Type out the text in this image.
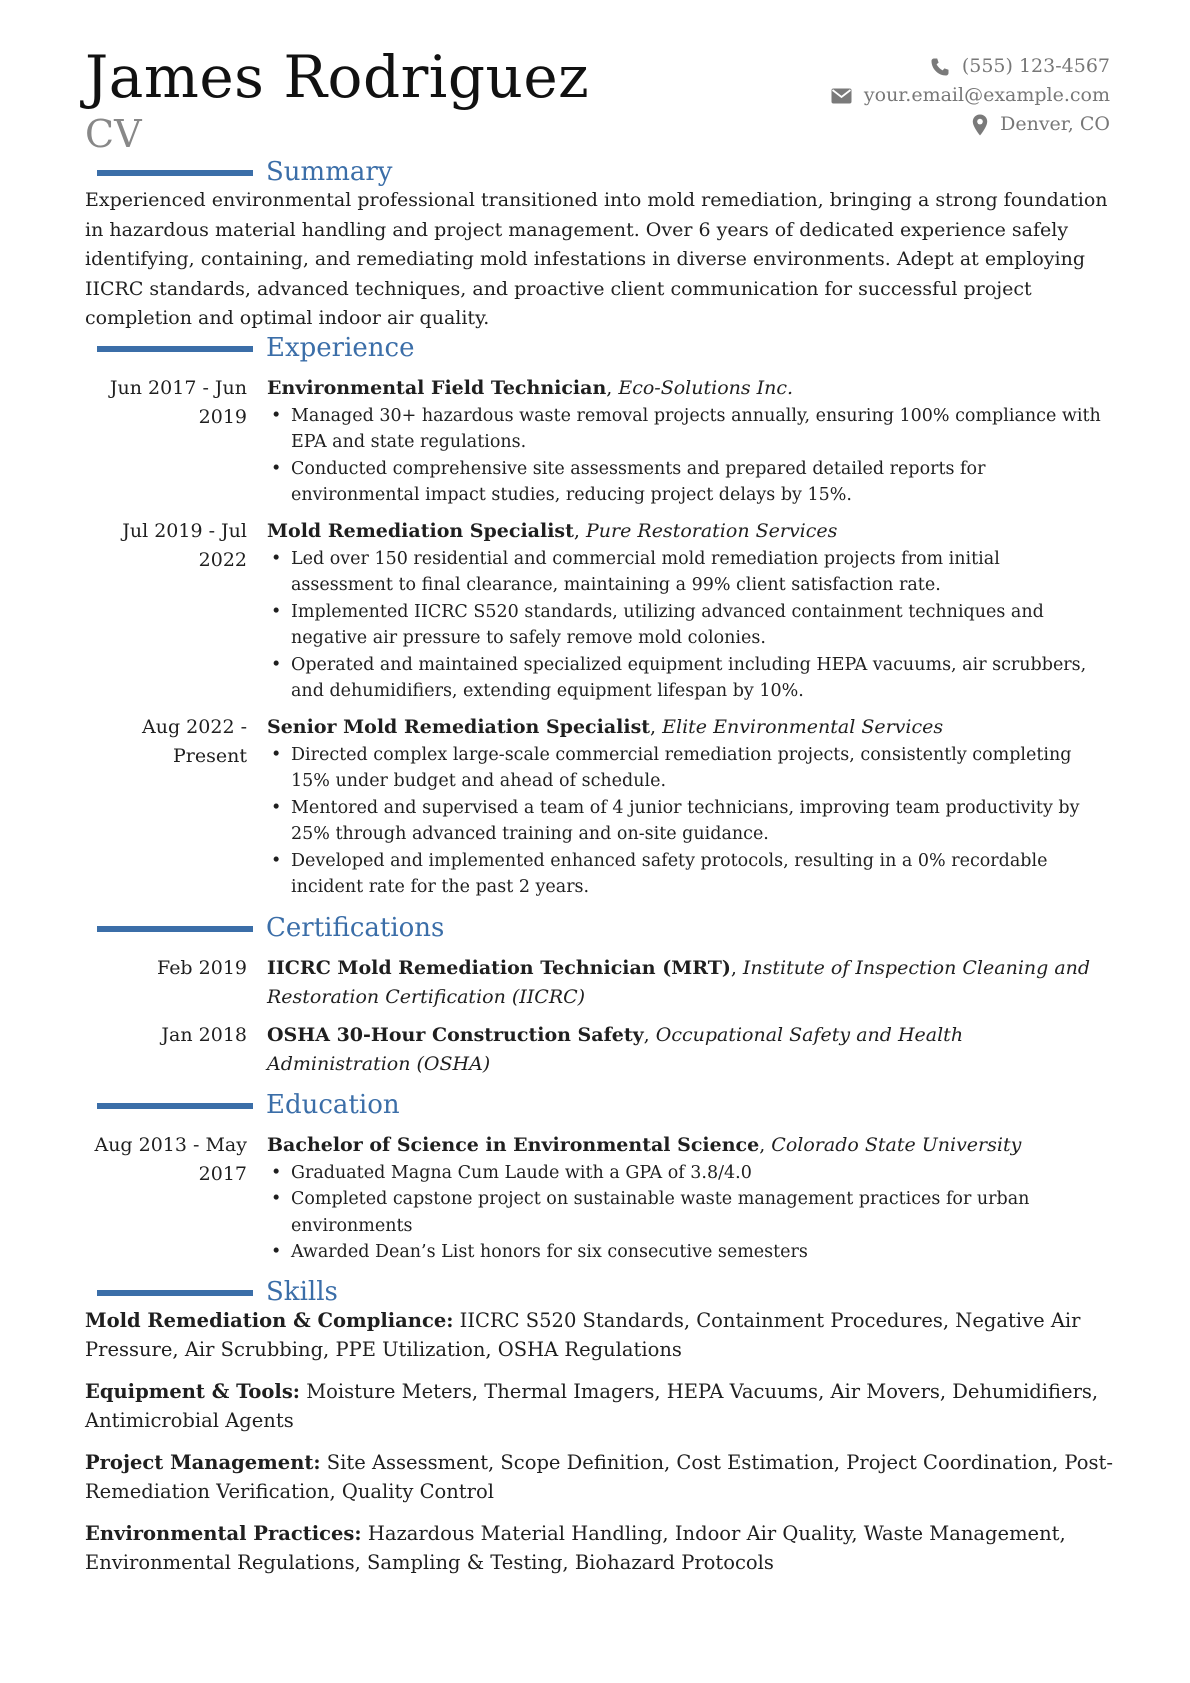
James Rodriguez
CV
(555) 123-4567
your.email@example.com
Denver, CO
Summary
Experienced environmental professional transitioned into mold remediation, bringing a strong foundation in hazardous material handling and project management. Over 6 years of dedicated experience safely identifying, containing, and remediating mold infestations in diverse environments. Adept at employing IICRC standards, advanced techniques, and proactive client communication for successful project completion and optimal indoor air quality.
Experience
Jun 2017 - Jun 2019
Environmental Field Technician, Eco-Solutions Inc.
• Managed 30+ hazardous waste removal projects annually, ensuring 100% compliance with EPA and state regulations.
• Conducted comprehensive site assessments and prepared detailed reports for environmental impact studies, reducing project delays by 15%.
Jul 2019 - Jul 2022
Mold Remediation Specialist, Pure Restoration Services
• Led over 150 residential and commercial mold remediation projects from initial assessment to final clearance, maintaining a 99% client satisfaction rate.
• Implemented IICRC S520 standards, utilizing advanced containment techniques and negative air pressure to safely remove mold colonies.
• Operated and maintained specialized equipment including HEPA vacuums, air scrubbers, and dehumidifiers, extending equipment lifespan by 10%.
Aug 2022 - Present
Senior Mold Remediation Specialist, Elite Environmental Services
• Directed complex large-scale commercial remediation projects, consistently completing 15% under budget and ahead of schedule.
• Mentored and supervised a team of 4 junior technicians, improving team productivity by 25% through advanced training and on-site guidance.
• Developed and implemented enhanced safety protocols, resulting in a 0% recordable incident rate for the past 2 years.
Certifications
Feb 2019 IICRC Mold Remediation Technician (MRT), Institute of Inspection Cleaning and Restoration Certification (IICRC)
Jan 2018 OSHA 30-Hour Construction Safety, Occupational Safety and Health Administration (OSHA)
Education
Aug 2013 - May 2017
Bachelor of Science in Environmental Science, Colorado State University
• Graduated Magna Cum Laude with a GPA of 3.8/4.0
• Completed capstone project on sustainable waste management practices for urban environments
• Awarded Dean’s List honors for six consecutive semesters
Skills
Mold Remediation & Compliance: IICRC S520 Standards, Containment Procedures, Negative Air Pressure, Air Scrubbing, PPE Utilization, OSHA Regulations
Equipment & Tools: Moisture Meters, Thermal Imagers, HEPA Vacuums, Air Movers, Dehumidifiers, Antimicrobial Agents
Project Management: Site Assessment, Scope Definition, Cost Estimation, Project Coordination, Post-Remediation Verification, Quality Control
Environmental Practices: Hazardous Material Handling, Indoor Air Quality, Waste Management, Environmental Regulations, Sampling & Testing, Biohazard Protocols
